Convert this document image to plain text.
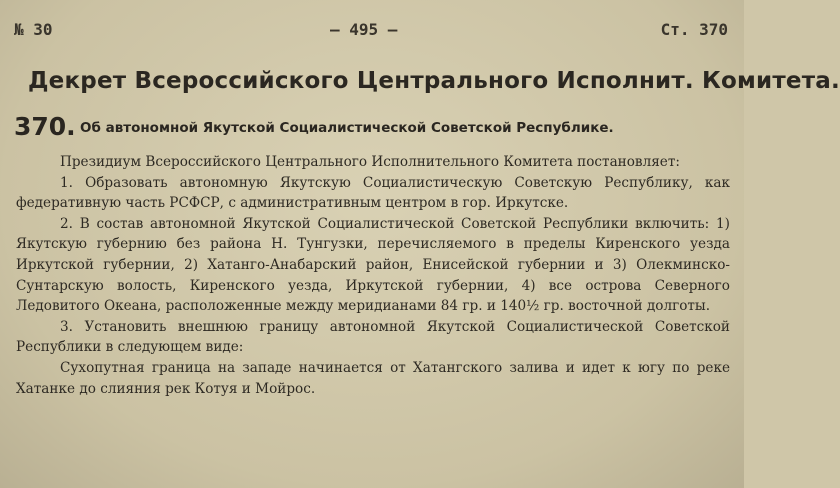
№ 30	— 495 —	Ст. 370
Декрет Всероссийского Центрального Исполнит. Комитета.
370. Об автономной Якутской Социалистической Советской Республике.

Президиум Всероссийского Центрального Исполнительного Комитета постановляет:

1. Образовать автономную Якутскую Социалистическую Советскую Республику, как федеративную часть РСФСР, с административным центром в гор. Иркутске.

2. В состав автономной Якутской Социалистической Советской Республики включить: 1) Якутскую губернию без района Н. Тунгузки, перечисляемого в пределы Киренского уезда Иркутской губернии, 2) Хатанго-Анабарский район, Енисейской губернии и 3) Олекминско-Сунтарскую волость, Киренского уезда, Иркутской губернии, 4) все острова Северного Ледовитого Океана, расположенные между меридианами 84 гр. и 140½ гр. восточной долготы.

3. Установить внешнюю границу автономной Якутской Социалистической Советской Республики в следующем виде:

Сухопутная граница на западе начинается от Хатангского залива и идет к югу по реке Хатанке до слияния рек Котуя и Мойрос.
